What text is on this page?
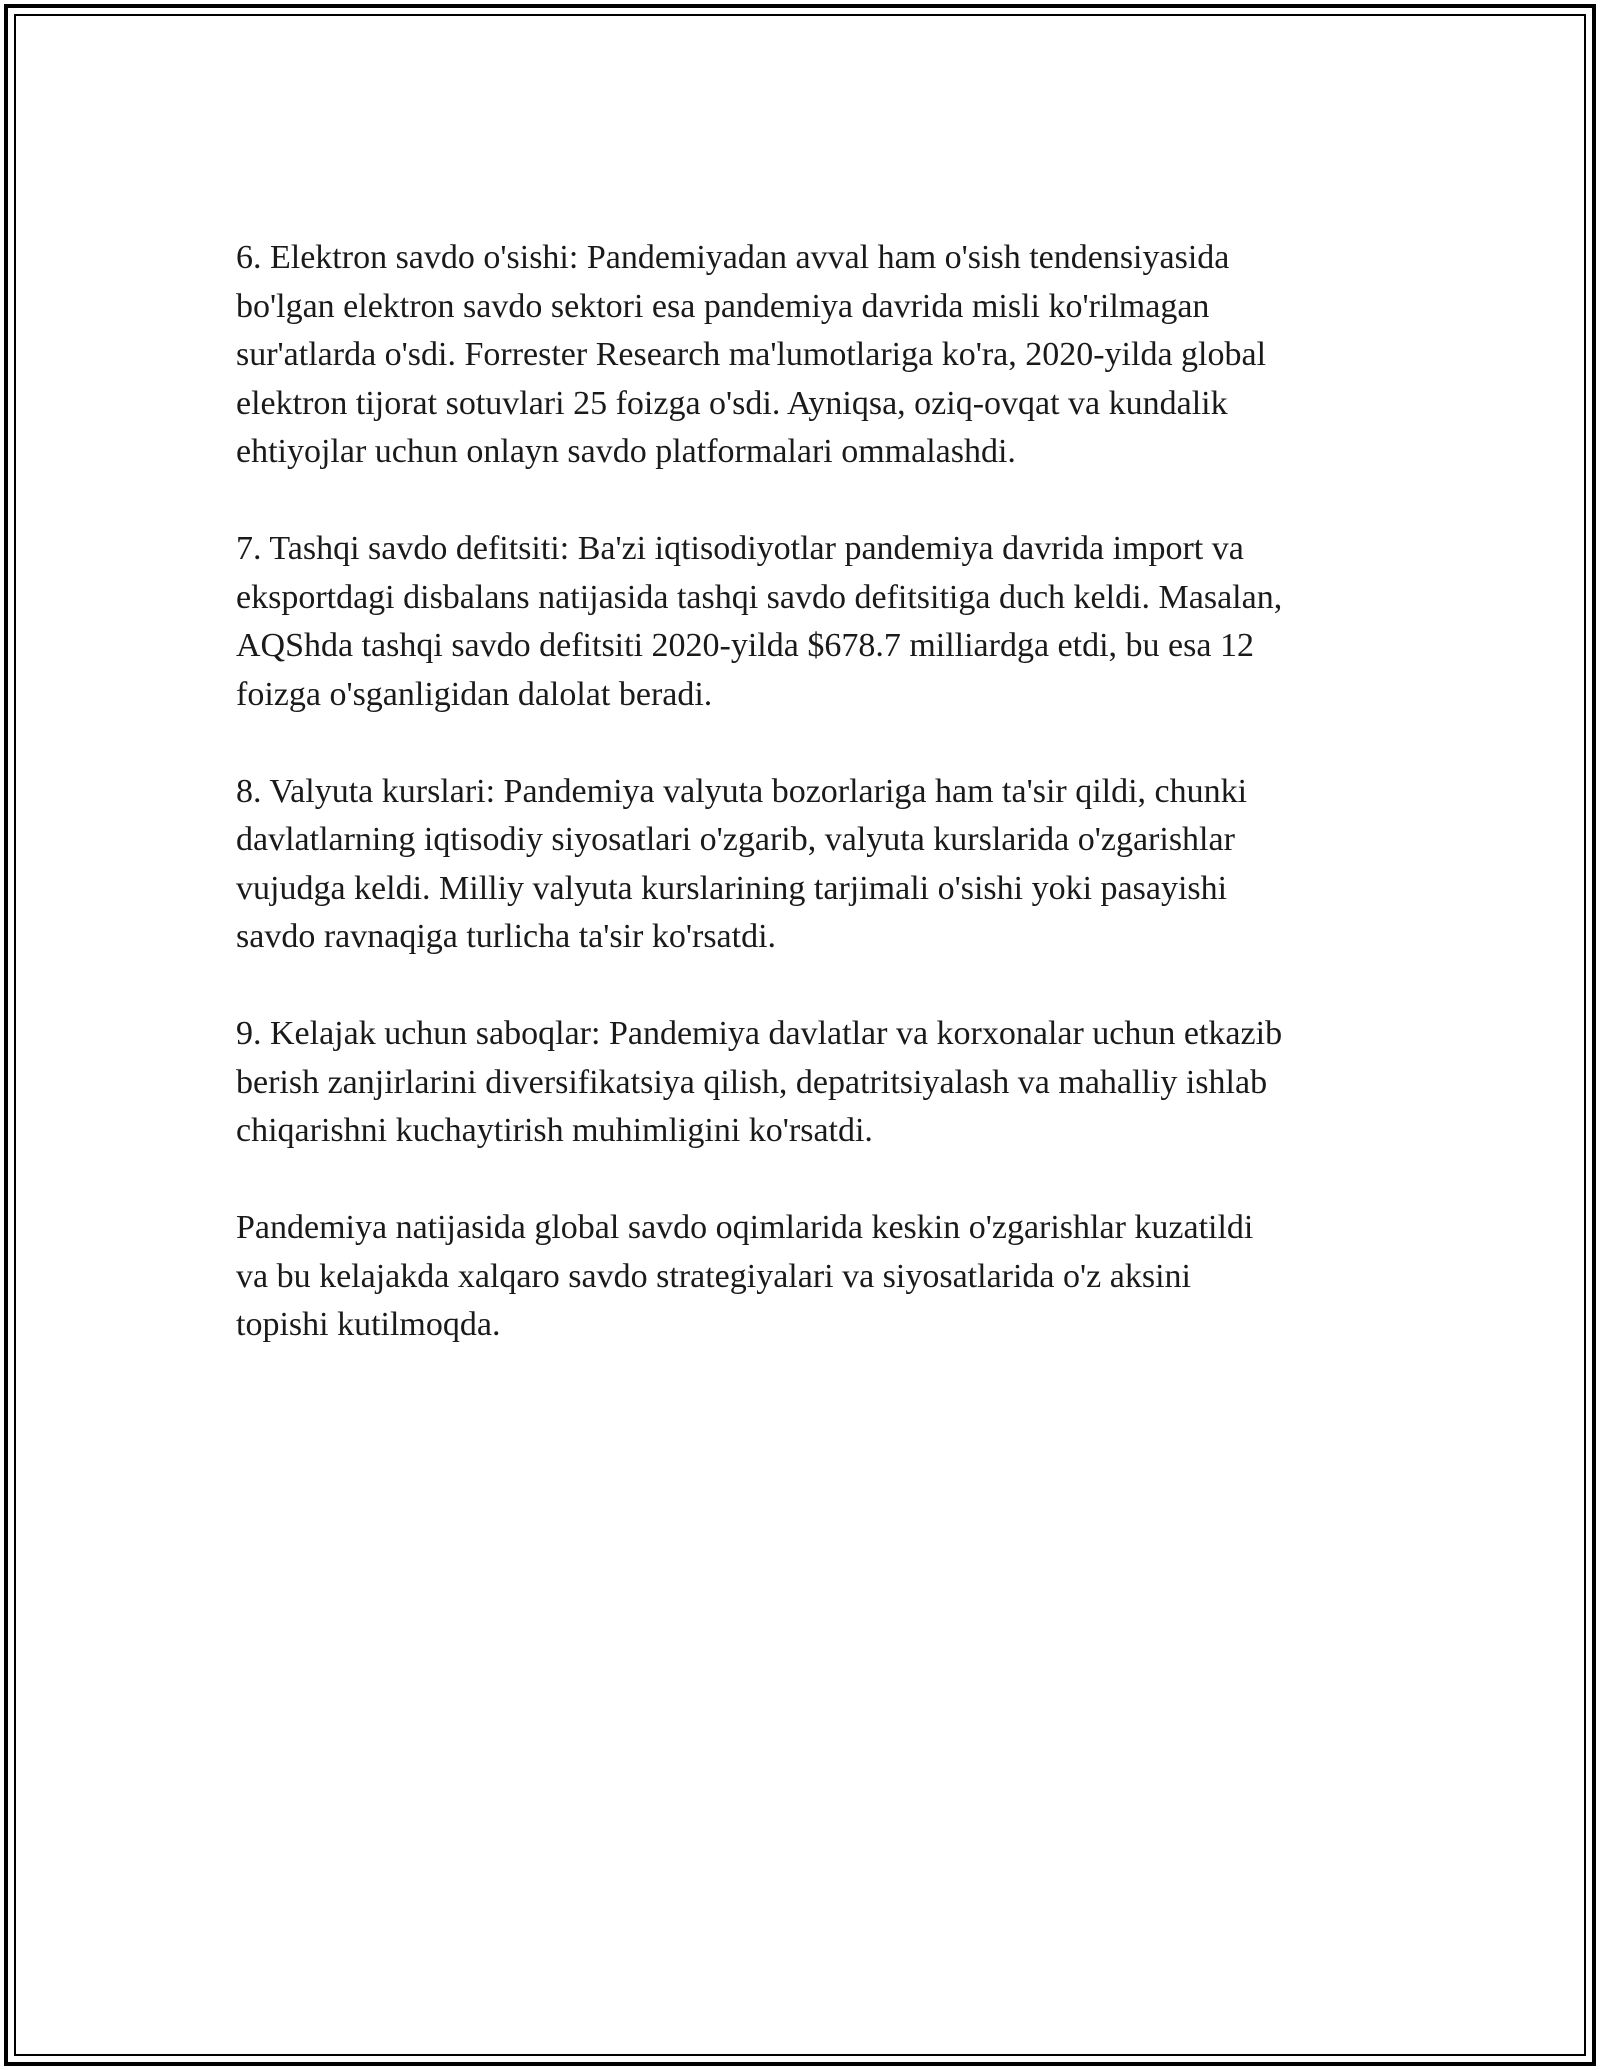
6. Elektron savdo o'sishi: Pandemiyadan avval ham o'sish tendensiyasida
bo'lgan elektron savdo sektori esa pandemiya davrida misli ko'rilmagan
sur'atlarda o'sdi. Forrester Research ma'lumotlariga ko'ra, 2020-yilda global
elektron tijorat sotuvlari 25 foizga o'sdi. Ayniqsa, oziq-ovqat va kundalik
ehtiyojlar uchun onlayn savdo platformalari ommalashdi.

7. Tashqi savdo defitsiti: Ba'zi iqtisodiyotlar pandemiya davrida import va
eksportdagi disbalans natijasida tashqi savdo defitsitiga duch keldi. Masalan,
AQShda tashqi savdo defitsiti 2020-yilda $678.7 milliardga etdi, bu esa 12
foizga o'sganligidan dalolat beradi.

8. Valyuta kurslari: Pandemiya valyuta bozorlariga ham ta'sir qildi, chunki
davlatlarning iqtisodiy siyosatlari o'zgarib, valyuta kurslarida o'zgarishlar
vujudga keldi. Milliy valyuta kurslarining tarjimali o'sishi yoki pasayishi
savdo ravnaqiga turlicha ta'sir ko'rsatdi.

9. Kelajak uchun saboqlar: Pandemiya davlatlar va korxonalar uchun etkazib
berish zanjirlarini diversifikatsiya qilish, depatritsiyalash va mahalliy ishlab
chiqarishni kuchaytirish muhimligini ko'rsatdi.

Pandemiya natijasida global savdo oqimlarida keskin o'zgarishlar kuzatildi
va bu kelajakda xalqaro savdo strategiyalari va siyosatlarida o'z aksini
topishi kutilmoqda.
